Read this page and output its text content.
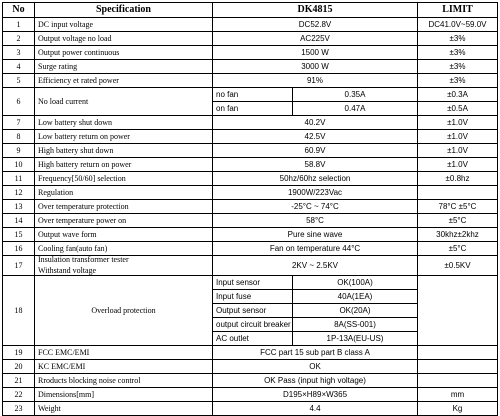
No	Specification	DK4815		LIMIT
1	DC input voltage	DC52.8V		DC41.0V~59.0V
2	Output voltage no load	AC225V		±3%
3	Output power continuous	1500 W		±3%
4	Surge rating	3000 W		±3%
5	Efficiency et rated power	91%		±3%
6	No load current	no fan	0.35A	±0.3A
		on fan	0.47A	±0.5A
7	Low battery shut down	40.2V		±1.0V
8	Low battery return on power	42.5V		±1.0V
9	High battery shut down	60.9V		±1.0V
10	High battery return on power	58.8V		±1.0V
11	Frequency[50/60] selection	50hz/60hz selection		±0.8hz
12	Regulation	1900W/223Vac		
13	Over temperature protection	-25°C ~ 74°C		78°C ±5°C
14	Over temperature power on	58°C		±5°C
15	Output wave form	Pure sine wave		30khz±2khz
16	Cooling fan(auto fan)	Fan on temperature 44°C		±5°C
17	Insulation transformer tester
Withstand voltage	2KV ~ 2.5KV		±0.5KV
18	Overload protection	Input sensor	OK(100A)	
		Input fuse	40A(1EA)	
		Output sensor	OK(20A)	
		output circuit breaker	8A(SS-001)	
		AC outlet	1P-13A(EU-US)	
19	FCC EMC/EMI	FCC part 15 sub part B class A		
20	KC EMC/EMI	OK		
21	Rroducts blocking noise control	OK Pass (input high voltage)		
22	Dimensions[mm]	D195×H89×W365		mm
23	Weight	4.4		Kg
